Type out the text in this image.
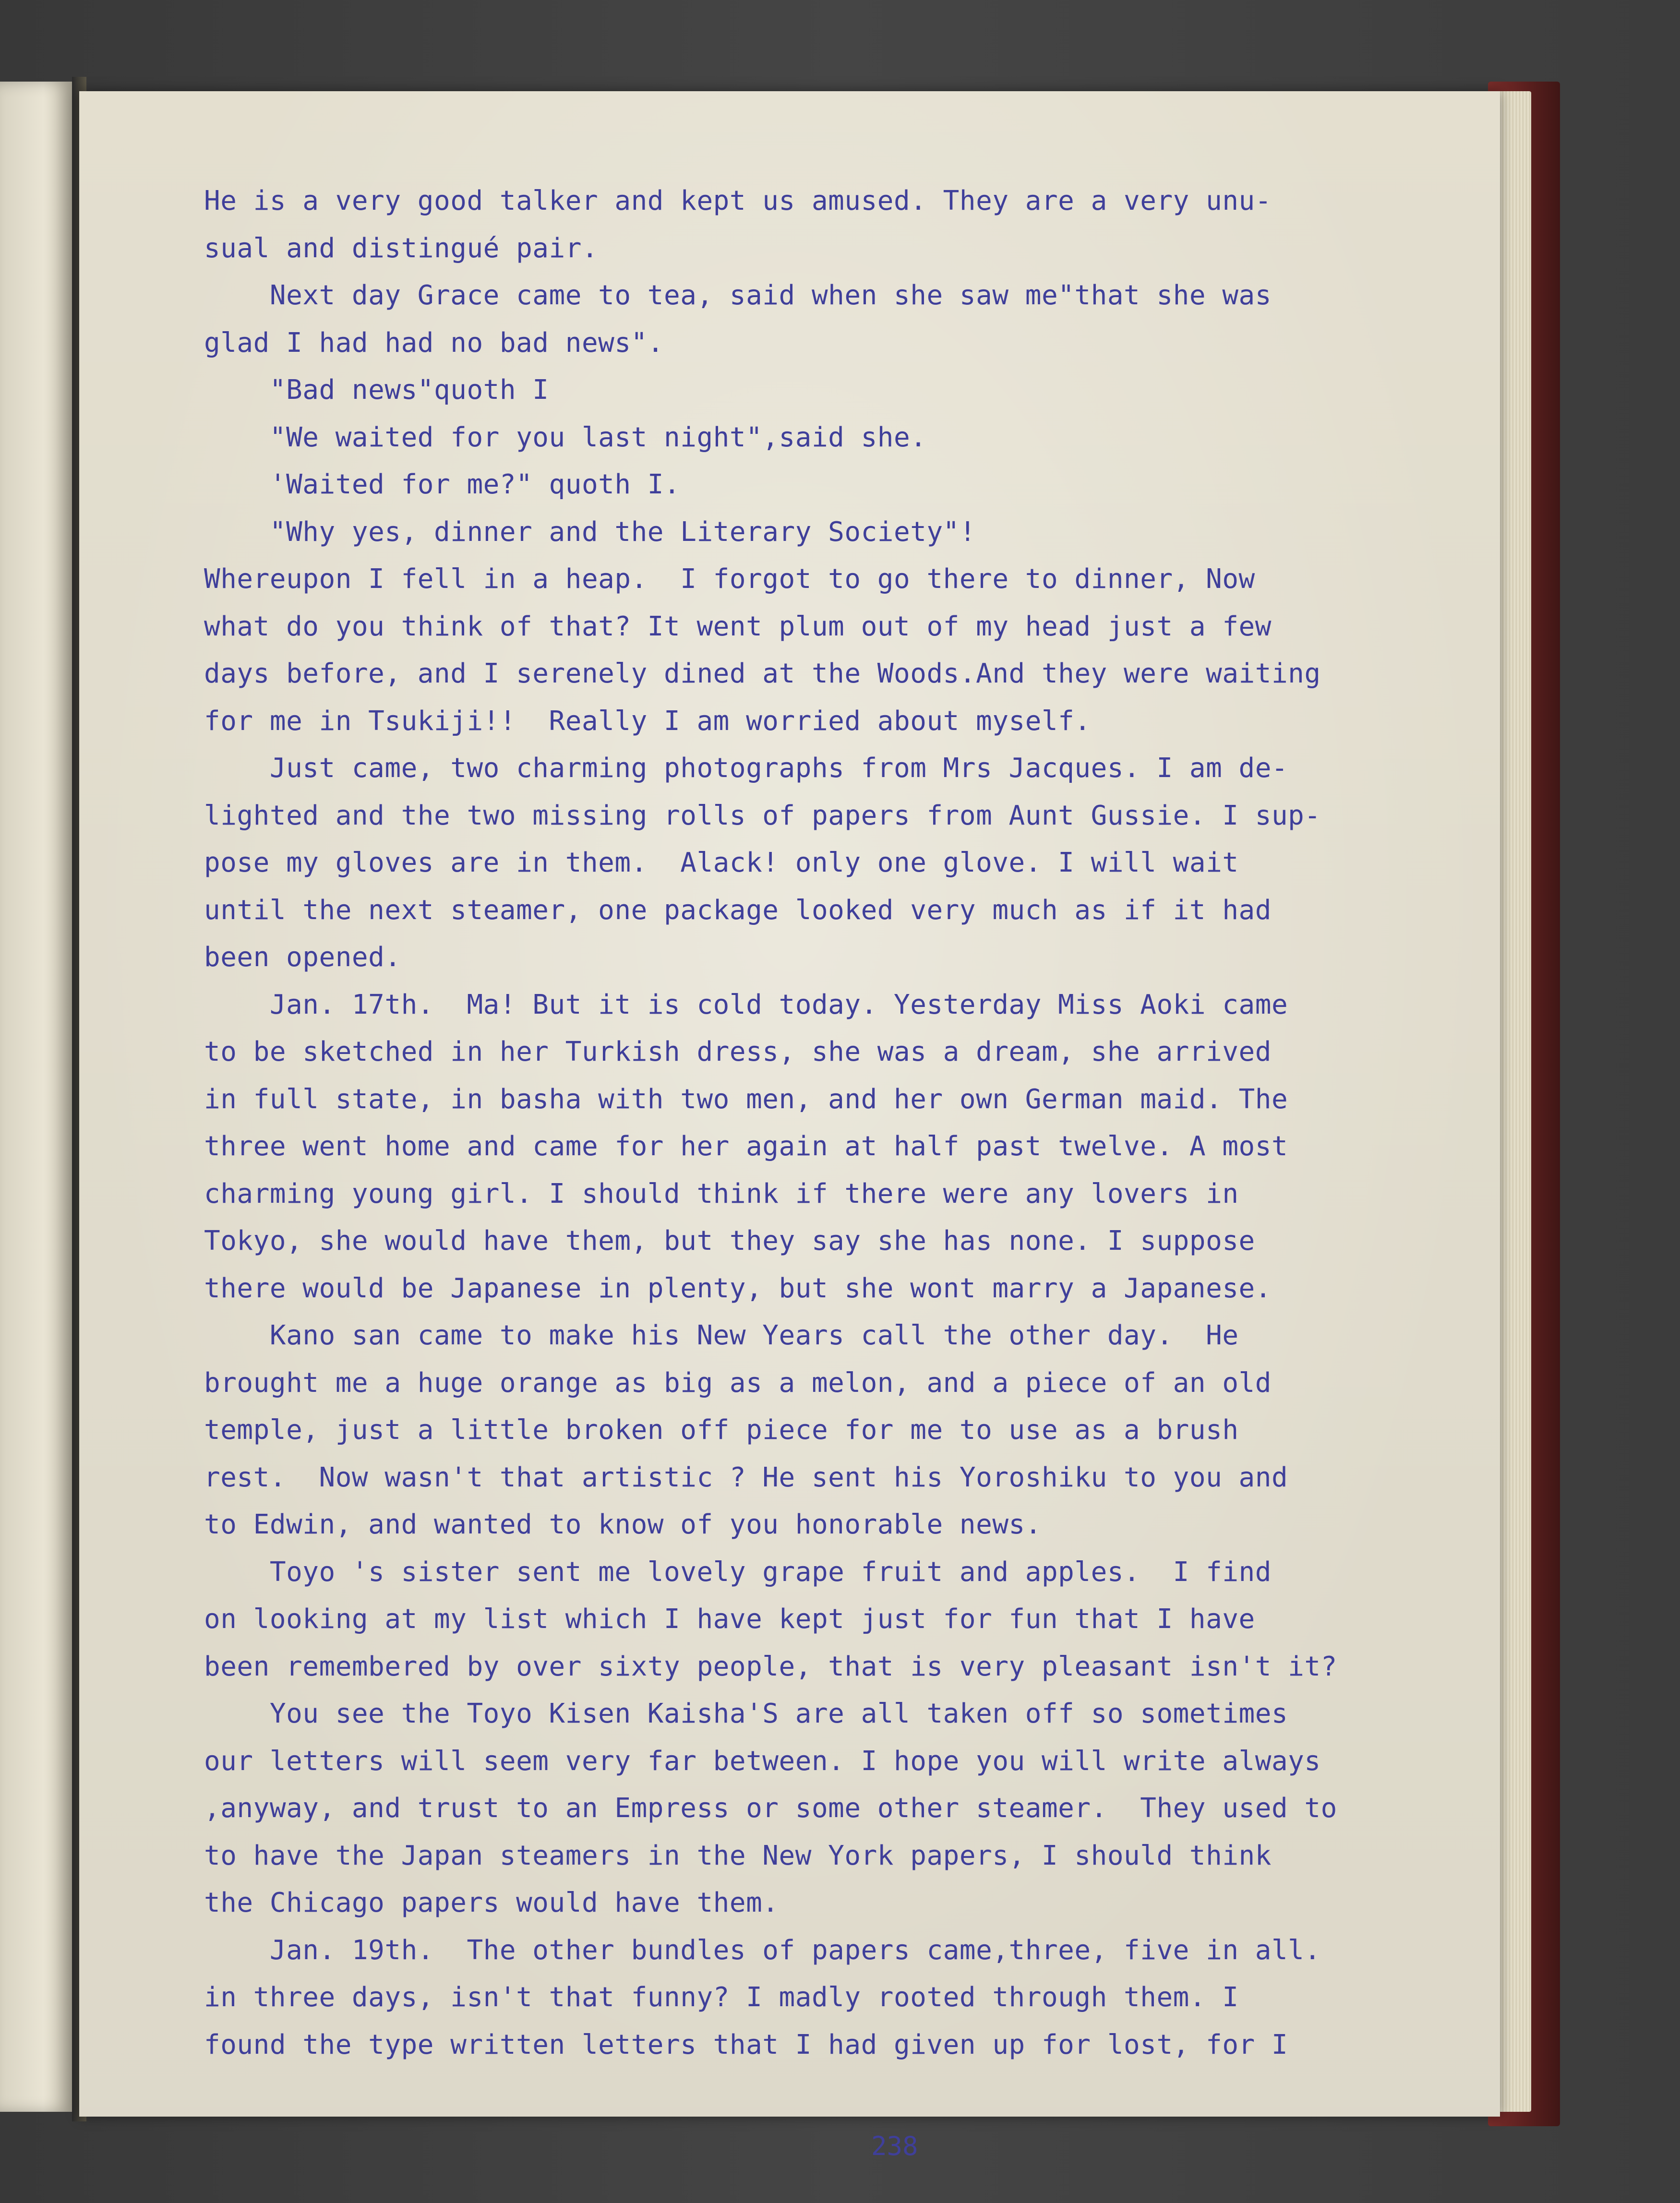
He is a very good talker and kept us amused. They are a very unu-
sual and distingué pair.
Next day Grace came to tea, said when she saw me"that she was
glad I had had no bad news".
"Bad news"quoth I
"We waited for you last night",said she.
'Waited for me?" quoth I.
"Why yes, dinner and the Literary Society"!
Whereupon I fell in a heap.  I forgot to go there to dinner, Now
what do you think of that? It went plum out of my head just a few
days before, and I serenely dined at the Woods.And they were waiting
for me in Tsukiji!!  Really I am worried about myself.
Just came, two charming photographs from Mrs Jacques. I am de-
lighted and the two missing rolls of papers from Aunt Gussie. I sup-
pose my gloves are in them.  Alack! only one glove. I will wait
until the next steamer, one package looked very much as if it had
been opened.
Jan. 17th.  Ma! But it is cold today. Yesterday Miss Aoki came
to be sketched in her Turkish dress, she was a dream, she arrived
in full state, in basha with two men, and her own German maid. The
three went home and came for her again at half past twelve. A most
charming young girl. I should think if there were any lovers in
Tokyo, she would have them, but they say she has none. I suppose
there would be Japanese in plenty, but she wont marry a Japanese.
Kano san came to make his New Years call the other day.  He
brought me a huge orange as big as a melon, and a piece of an old
temple, just a little broken off piece for me to use as a brush
rest.  Now wasn't that artistic ? He sent his Yoroshiku to you and
to Edwin, and wanted to know of you honorable news.
Toyo 's sister sent me lovely grape fruit and apples.  I find
on looking at my list which I have kept just for fun that I have
been remembered by over sixty people, that is very pleasant isn't it?
You see the Toyo Kisen Kaisha'S are all taken off so sometimes
our letters will seem very far between. I hope you will write always
,anyway, and trust to an Empress or some other steamer.  They used to
to have the Japan steamers in the New York papers, I should think
the Chicago papers would have them.
Jan. 19th.  The other bundles of papers came,three, five in all.
in three days, isn't that funny? I madly rooted through them. I
found the type written letters that I had given up for lost, for I
238
